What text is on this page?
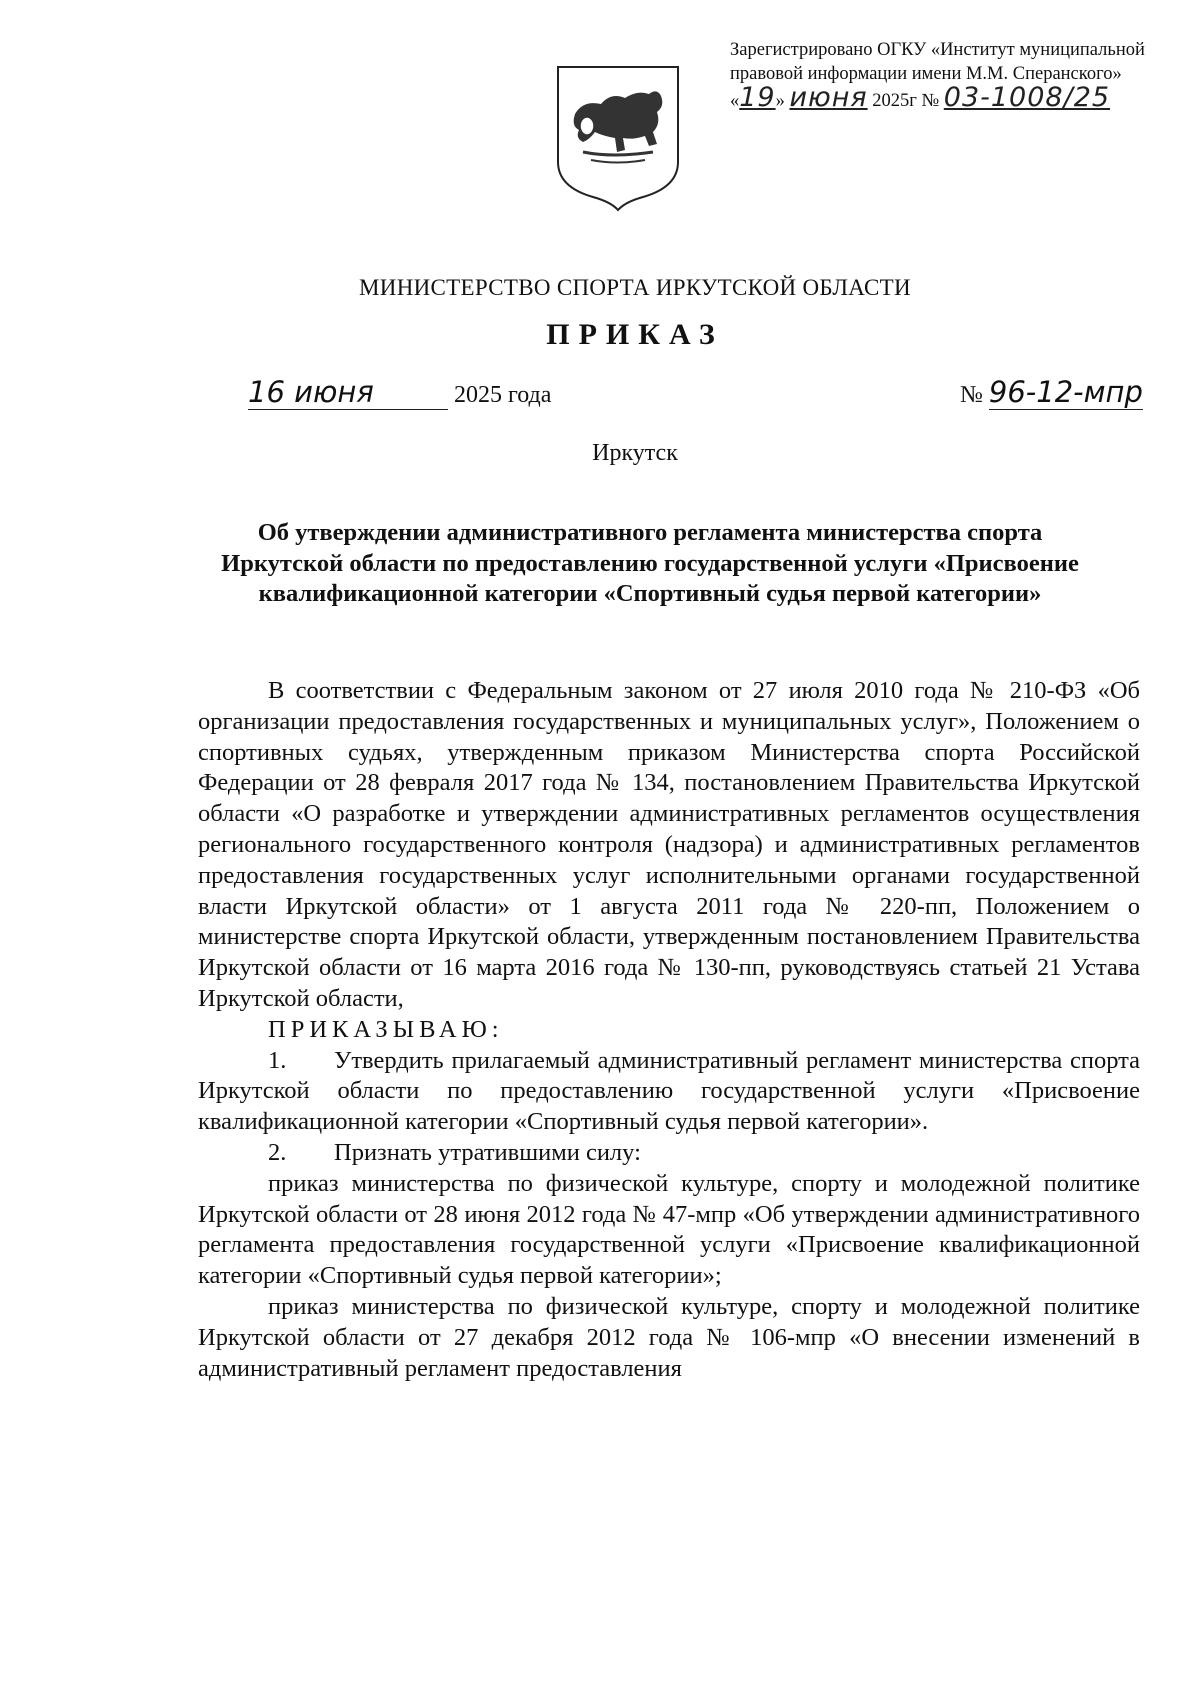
Зарегистрировано ОГКУ «Институт муниципальной
правовой информации имени М.М. Сперанского»
«19» июня 2025г № 03-1008/25
МИНИСТЕРСТВО СПОРТА ИРКУТСКОЙ ОБЛАСТИ
ПРИКАЗ
16 июня	2025 года	№ 96-12-мпр
Иркутск
Об утверждении административного регламента министерства спорта Иркутской области по предоставлению государственной услуги «Присвоение квалификационной категории «Спортивный судья первой категории»

В соответствии с Федеральным законом от 27 июля 2010 года № 210-ФЗ «Об организации предоставления государственных и муниципальных услуг», Положением о спортивных судьях, утвержденным приказом Министерства спорта Российской Федерации от 28 февраля 2017 года № 134, постановлением Правительства Иркутской области «О разработке и утверждении административных регламентов осуществления регионального государственного контроля (надзора) и административных регламентов предоставления государственных услуг исполнительными органами государственной власти Иркутской области» от 1 августа 2011 года № 220-пп, Положением о министерстве спорта Иркутской области, утвержденным постановлением Правительства Иркутской области от 16 марта 2016 года № 130-пп, руководствуясь статьей 21 Устава Иркутской области,

ПРИКАЗЫВАЮ:

1. Утвердить прилагаемый административный регламент министерства спорта Иркутской области по предоставлению государственной услуги «Присвоение квалификационной категории «Спортивный судья первой категории».

2. Признать утратившими силу:

приказ министерства по физической культуре, спорту и молодежной политике Иркутской области от 28 июня 2012 года № 47-мпр «Об утверждении административного регламента предоставления государственной услуги «Присвоение квалификационной категории «Спортивный судья первой категории»;

приказ министерства по физической культуре, спорту и молодежной политике Иркутской области от 27 декабря 2012 года № 106-мпр «О внесении изменений в административный регламент предоставления
